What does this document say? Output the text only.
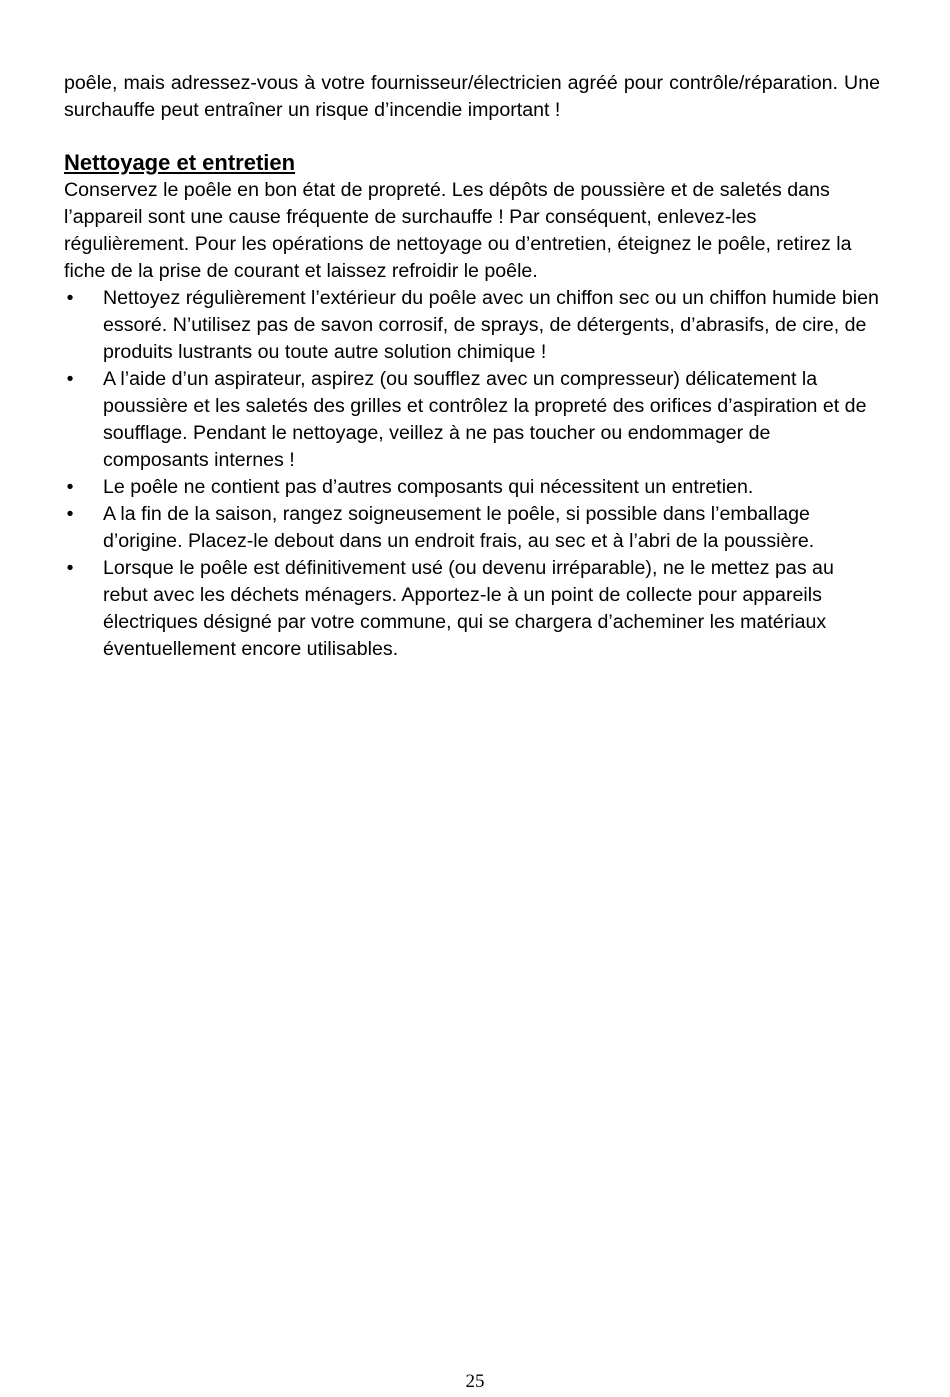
poêle, mais adressez-vous à votre fournisseur/électricien agréé pour contrôle/réparation. Une surchauffe peut entraîner un risque d’incendie important !

Nettoyage et entretien

Conservez le poêle en bon état de propreté. Les dépôts de poussière et de saletés dans l’appareil sont une cause fréquente de surchauffe ! Par conséquent, enlevez-les régulièrement. Pour les opérations de nettoyage ou d’entretien, éteignez le poêle, retirez la fiche de la prise de courant et laissez refroidir le poêle.

• Nettoyez régulièrement l’extérieur du poêle avec un chiffon sec ou un chiffon humide bien essoré. N’utilisez pas de savon corrosif, de sprays, de détergents, d’abrasifs, de cire, de produits lustrants ou toute autre solution chimique !
• A l’aide d’un aspirateur, aspirez (ou soufflez avec un compresseur) délicatement la poussière et les saletés des grilles et contrôlez la propreté des orifices d’aspiration et de soufflage. Pendant le nettoyage, veillez à ne pas toucher ou endommager de composants internes !
• Le poêle ne contient pas d’autres composants qui nécessitent un entretien.
• A la fin de la saison, rangez soigneusement le poêle, si possible dans l’emballage d’origine. Placez-le debout dans un endroit frais, au sec et à l’abri de la poussière.
• Lorsque le poêle est définitivement usé (ou devenu irréparable), ne le mettez pas au rebut avec les déchets ménagers. Apportez-le à un point de collecte pour appareils électriques désigné par votre commune, qui se chargera d’acheminer les matériaux éventuellement encore utilisables.
25
